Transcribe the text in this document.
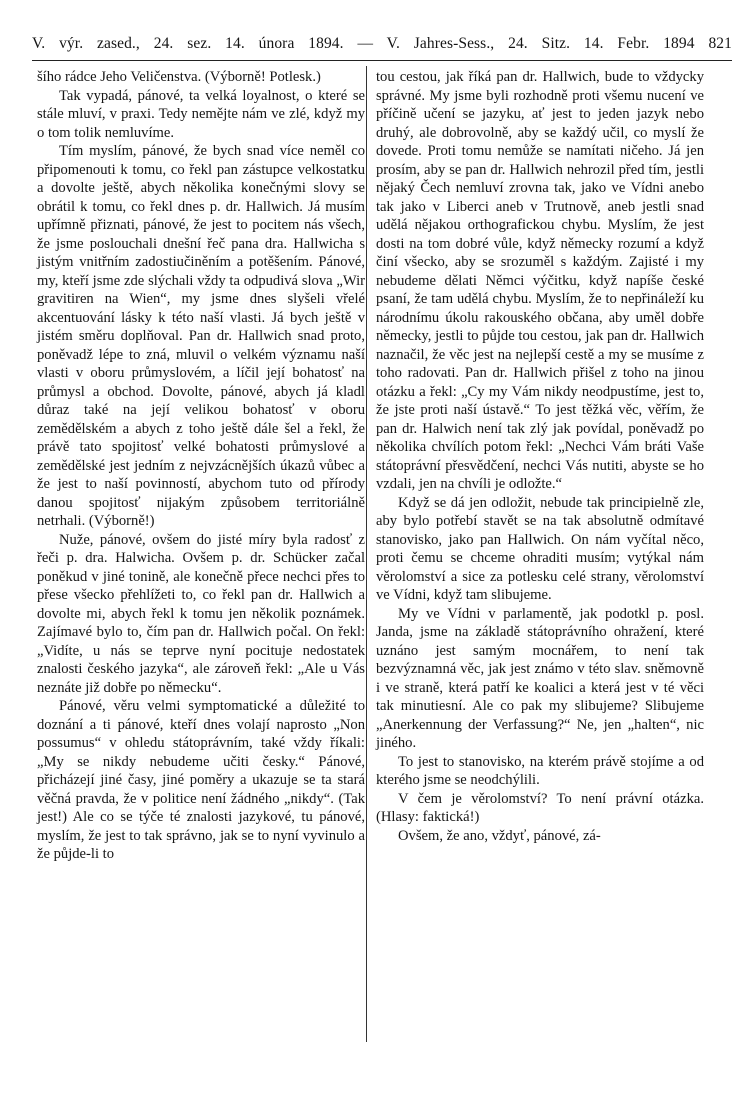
V. výr. zased., 24. sez. 14. února 1894. — V. Jahres-Sess., 24. Sitz. 14. Febr. 1894 821

šího rádce Jeho Veličenstva. (Výborně! Potlesk.)

Tak vypadá, pánové, ta velká loyalnost, o které se stále mluví, v praxi. Tedy nemějte nám ve zlé, když my o tom tolik nemluvíme.

Tím myslím, pánové, že bych snad více neměl co připomenouti k tomu, co řekl pan zástupce velkostatku a dovolte ještě, abych několika konečnými slovy se obrátil k tomu, co řekl dnes p. dr. Hallwich. Já musím upřímně přiznati, pánové, že jest to pocitem nás všech, že jsme poslouchali dnešní řeč pana dra. Hallwicha s jistým vnitřním zadostiučiněním a potěšením. Pánové, my, kteří jsme zde slýchali vždy ta odpudivá slova „Wir gravitiren na Wien“, my jsme dnes slyšeli vřelé akcentuování lásky k této naší vlasti. Já bych ještě v jistém směru doplňoval. Pan dr. Hallwich snad proto, poněvadž lépe to zná, mluvil o velkém významu naší vlasti v oboru průmyslovém, a líčil její bohatosť na průmysl a obchod. Dovolte, pánové, abych já kladl důraz také na její velikou bohatosť v oboru zemědělském a abych z toho ještě dále šel a řekl, že právě tato spojitosť velké bohatosti průmyslové a zemědělské jest jedním z nejvzácnějších úkazů vůbec a že jest to naší povinností, abychom tuto od přírody danou spojitosť nijakým způsobem territoriálně netrhali. (Výborně!)

Nuže, pánové, ovšem do jisté míry byla radosť z řeči p. dra. Halwicha. Ovšem p. dr. Schücker začal poněkud v jiné tonině, ale konečně přece nechci přes to přese všecko přehlížeti to, co řekl pan dr. Hallwich a dovolte mi, abych řekl k tomu jen několik poznámek. Zajímavé bylo to, čím pan dr. Hallwich počal. On řekl: „Vidíte, u nás se teprve nyní pocituje nedostatek znalosti českého jazyka“, ale zároveň řekl: „Ale u Vás neznáte již dobře po německu“.

Pánové, věru velmi symptomatické a důležité to doznání a ti pánové, kteří dnes volají naprosto „Non possumus“ v ohledu státoprávním, také vždy říkali: „My se nikdy nebudeme učiti česky.“ Pánové, přicházejí jiné časy, jiné poměry a ukazuje se ta stará věčná pravda, že v politice není žádného „nikdy“. (Tak jest!) Ale co se týče té znalosti jazykové, tu pánové, myslím, že jest to tak správno, jak se to nyní vyvinulo a že půjde-li to

tou cestou, jak říká pan dr. Hallwich, bude to vždycky správné. My jsme byli rozhodně proti všemu nucení ve příčině učení se jazyku, ať jest to jeden jazyk nebo druhý, ale dobrovolně, aby se každý učil, co myslí že dovede. Proti tomu nemůže se namítati ničeho. Já jen prosím, aby se pan dr. Hallwich nehrozil před tím, jestli nějaký Čech nemluví zrovna tak, jako ve Vídni anebo tak jako v Liberci aneb v Trutnově, aneb jestli snad udělá nějakou orthografickou chybu. Myslím, že jest dosti na tom dobré vůle, když německy rozumí a když činí všecko, aby se srozuměl s každým. Zajisté i my nebudeme dělati Němci výčitku, když napíše české psaní, že tam udělá chybu. Myslím, že to nepřináleží ku národnímu úkolu rakouského občana, aby uměl dobře německy, jestli to půjde tou cestou, jak pan dr. Hallwich naznačil, že věc jest na nejlepší cestě a my se musíme z toho radovati. Pan dr. Hallwich přišel z toho na jinou otázku a řekl: „Cy my Vám nikdy neodpustíme, jest to, že jste proti naší ústavě.“ To jest těžká věc, věřím, že pan dr. Halwich není tak zlý jak povídal, poněvadž po několika chvílích potom řekl: „Nechci Vám bráti Vaše státoprávní přesvědčení, nechci Vás nutiti, abyste se ho vzdali, jen na chvíli je odložte.“

Když se dá jen odložit, nebude tak principielně zle, aby bylo potřebí stavět se na tak absolutně odmítavé stanovisko, jako pan Hallwich. On nám vyčítal něco, proti čemu se chceme ohraditi musím; vytýkal nám věrolomství a sice za potlesku celé strany, věrolomství ve Vídni, když tam slibujeme.

My ve Vídni v parlamentě, jak podotkl p. posl. Janda, jsme na základě státoprávního ohražení, které uznáno jest samým mocnářem, to není tak bezvýznamná věc, jak jest známo v této slav. sněmovně i ve straně, která patří ke koalici a která jest v té věci tak minutiesní. Ale co pak my slibujeme? Slibujeme „Anerkennung der Verfassung?“ Ne, jen „halten“, nic jiného.

To jest to stanovisko, na kterém právě stojíme a od kterého jsme se neodchýlili.

V čem je věrolomství? To není právní otázka. (Hlasy: faktická!)

Ovšem, že ano, vždyť, pánové, zá-
